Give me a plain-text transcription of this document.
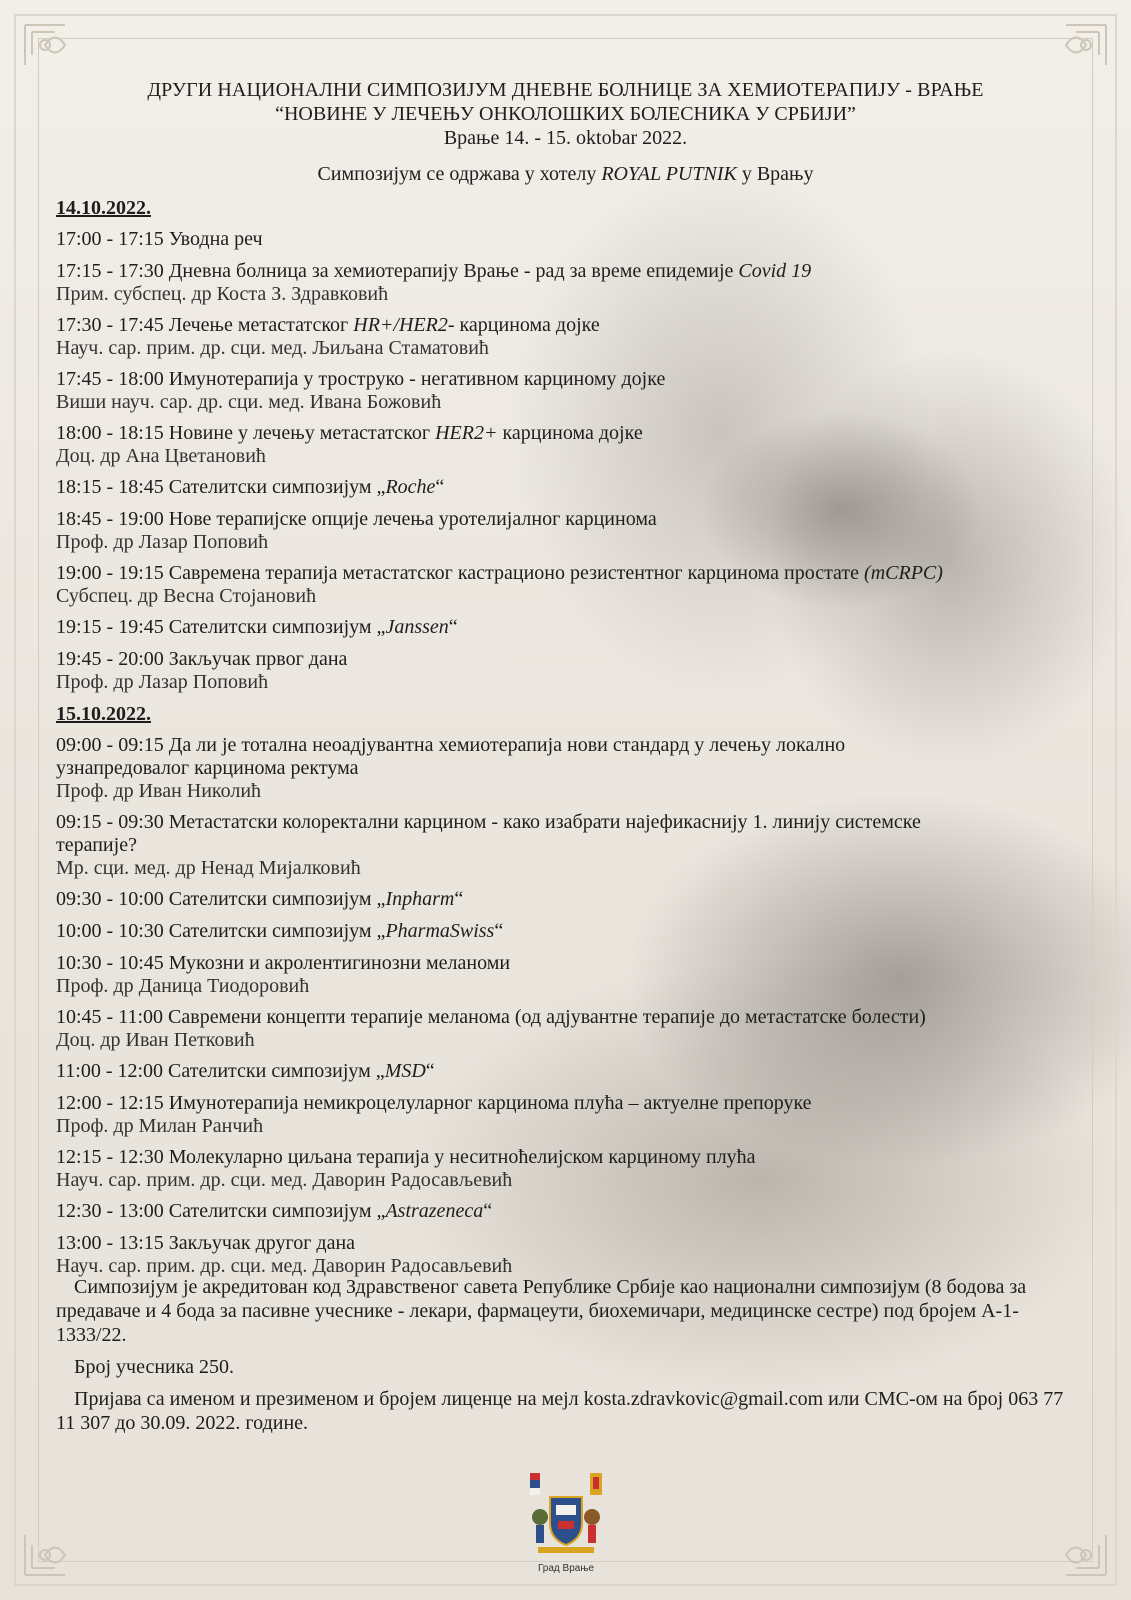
ДРУГИ НАЦИОНАЛНИ СИМПОЗИЈУМ ДНЕВНЕ БОЛНИЦЕ ЗА ХЕМИОТЕРАПИЈУ - ВРАЊЕ
“НОВИНЕ У ЛЕЧЕЊУ ОНКОЛОШКИХ БОЛЕСНИКА У СРБИЈИ”
Врање 14. - 15. oktobar 2022.
Симпозијум се одржава у хотелу ROYAL PUTNIK у Врању
14.10.2022.
17:00 - 17:15 Уводна реч
17:15 - 17:30 Дневна болница за хемиотерапију Врање - рад за време епидемије Covid 19
Прим. субспец. др Коста З. Здравковић
17:30 - 17:45 Лечење метастатског HR+/HER2- карцинома дојке
Науч. сар. прим. др. сци. мед. Љиљана Стаматовић
17:45 - 18:00 Имунотерапија у троструко - негативном карциному дојке
Виши науч. сар. др. сци. мед. Ивана Божовић
18:00 - 18:15 Новине у лечењу метастатског HER2+ карцинома дојке
Доц. др Ана Цветановић
18:15 - 18:45 Сателитски симпозијум „Roche“
18:45 - 19:00 Нове терапијске опције лечења уротелијалног карцинома
Проф. др Лазар Поповић
19:00 - 19:15 Савремена терапија метастатског кастрационо резистентног карцинома простате (mCRPC)
Субспец. др Весна Стојановић
19:15 - 19:45 Сателитски симпозијум „Janssen“
19:45 - 20:00 Закључак првог дана
Проф. др Лазар Поповић
15.10.2022.
09:00 - 09:15 Да ли је тотална неоадјувантна хемиотерапија нови стандард у лечењу локално
узнапредовалог карцинома ректума
Проф. др Иван Николић
09:15 - 09:30 Метастатски колоректални карцином - како изабрати најефикаснију 1. линију системске
терапије?
Мр. сци. мед. др Ненад Мијалковић
09:30 - 10:00 Сателитски симпозијум „Inpharm“
10:00 - 10:30 Сателитски симпозијум „PharmaSwiss“
10:30 - 10:45 Мукозни и акролентигинозни меланоми
Проф. др Даница Тиодоровић
10:45 - 11:00 Савремени концепти терапије меланома (од адјувантне терапије до метастатске болести)
Доц. др Иван Петковић
11:00 - 12:00 Сателитски симпозијум „MSD“
12:00 - 12:15 Имунотерапија немикроцелуларног карцинома плућа – актуелне препоруке
Проф. др Милан Ранчић
12:15 - 12:30 Молекуларно циљана терапија у неситноћелијском карциному плућа
Науч. сар. прим. др. сци. мед. Даворин Радосављевић
12:30 - 13:00 Сателитски симпозијум „Astrazeneca“
13:00 - 13:15 Закључак другог дана
Науч. сар. прим. др. сци. мед. Даворин Радосављевић

Симпозијум је акредитован код Здравственог савета Републике Србије као национални симпозијум (8 бодова за предаваче и 4 бода за пасивне учеснике - лекари, фармацеути, биохемичари, медицинске сестре) под бројем А-1-1333/22.

Број учесника 250.

Пријава са именом и презименом и бројем лиценце на мејл kosta.zdravkovic@gmail.com или СМС-ом на број 063 77 11 307 до 30.09. 2022. године.

Град Врање
